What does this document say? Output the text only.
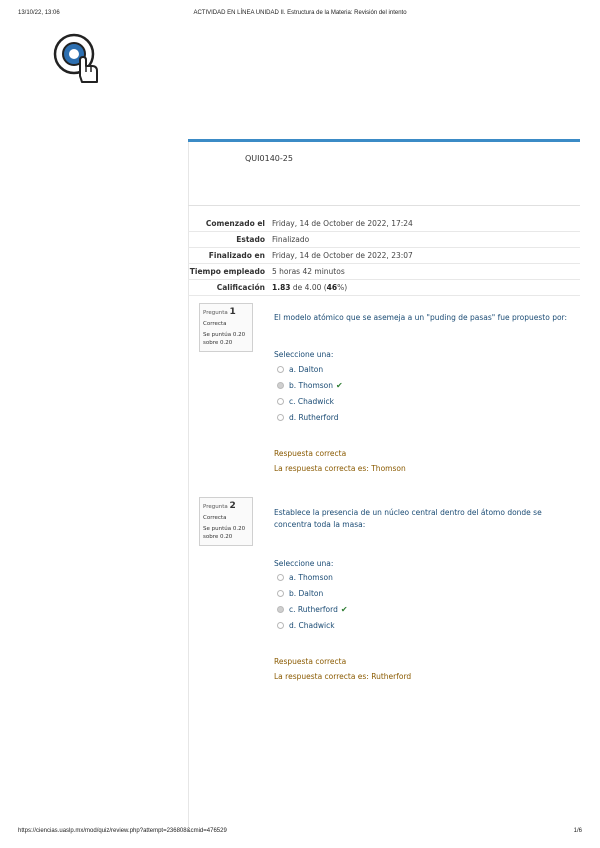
13/10/22, 13:06	ACTIVIDAD EN LÍNEA UNIDAD II. Estructura de la Materia: Revisión del intento
QUI0140-25
Comenzado el Friday, 14 de October de 2022, 17:24
Estado Finalizado
Finalizado en Friday, 14 de October de 2022, 23:07
Tiempo empleado 5 horas 42 minutos
Calificación 1.83 de 4.00 (46%)
Pregunta 1
Correcta
Se puntúa 0.20 sobre 0.20
El modelo atómico que se asemeja a un "puding de pasas" fue propuesto por:
Seleccione una:
a. Dalton
b. Thomson ✔
c. Chadwick
d. Rutherford
Respuesta correcta
La respuesta correcta es: Thomson
Pregunta 2
Correcta
Se puntúa 0.20 sobre 0.20
Establece la presencia de un núcleo central dentro del átomo donde se concentra toda la masa:
Seleccione una:
a. Thomson
b. Dalton
c. Rutherford ✔
d. Chadwick
Respuesta correcta
La respuesta correcta es: Rutherford
https://ciencias.uaslp.mx/mod/quiz/review.php?attempt=236808&cmid=476529	1/6
